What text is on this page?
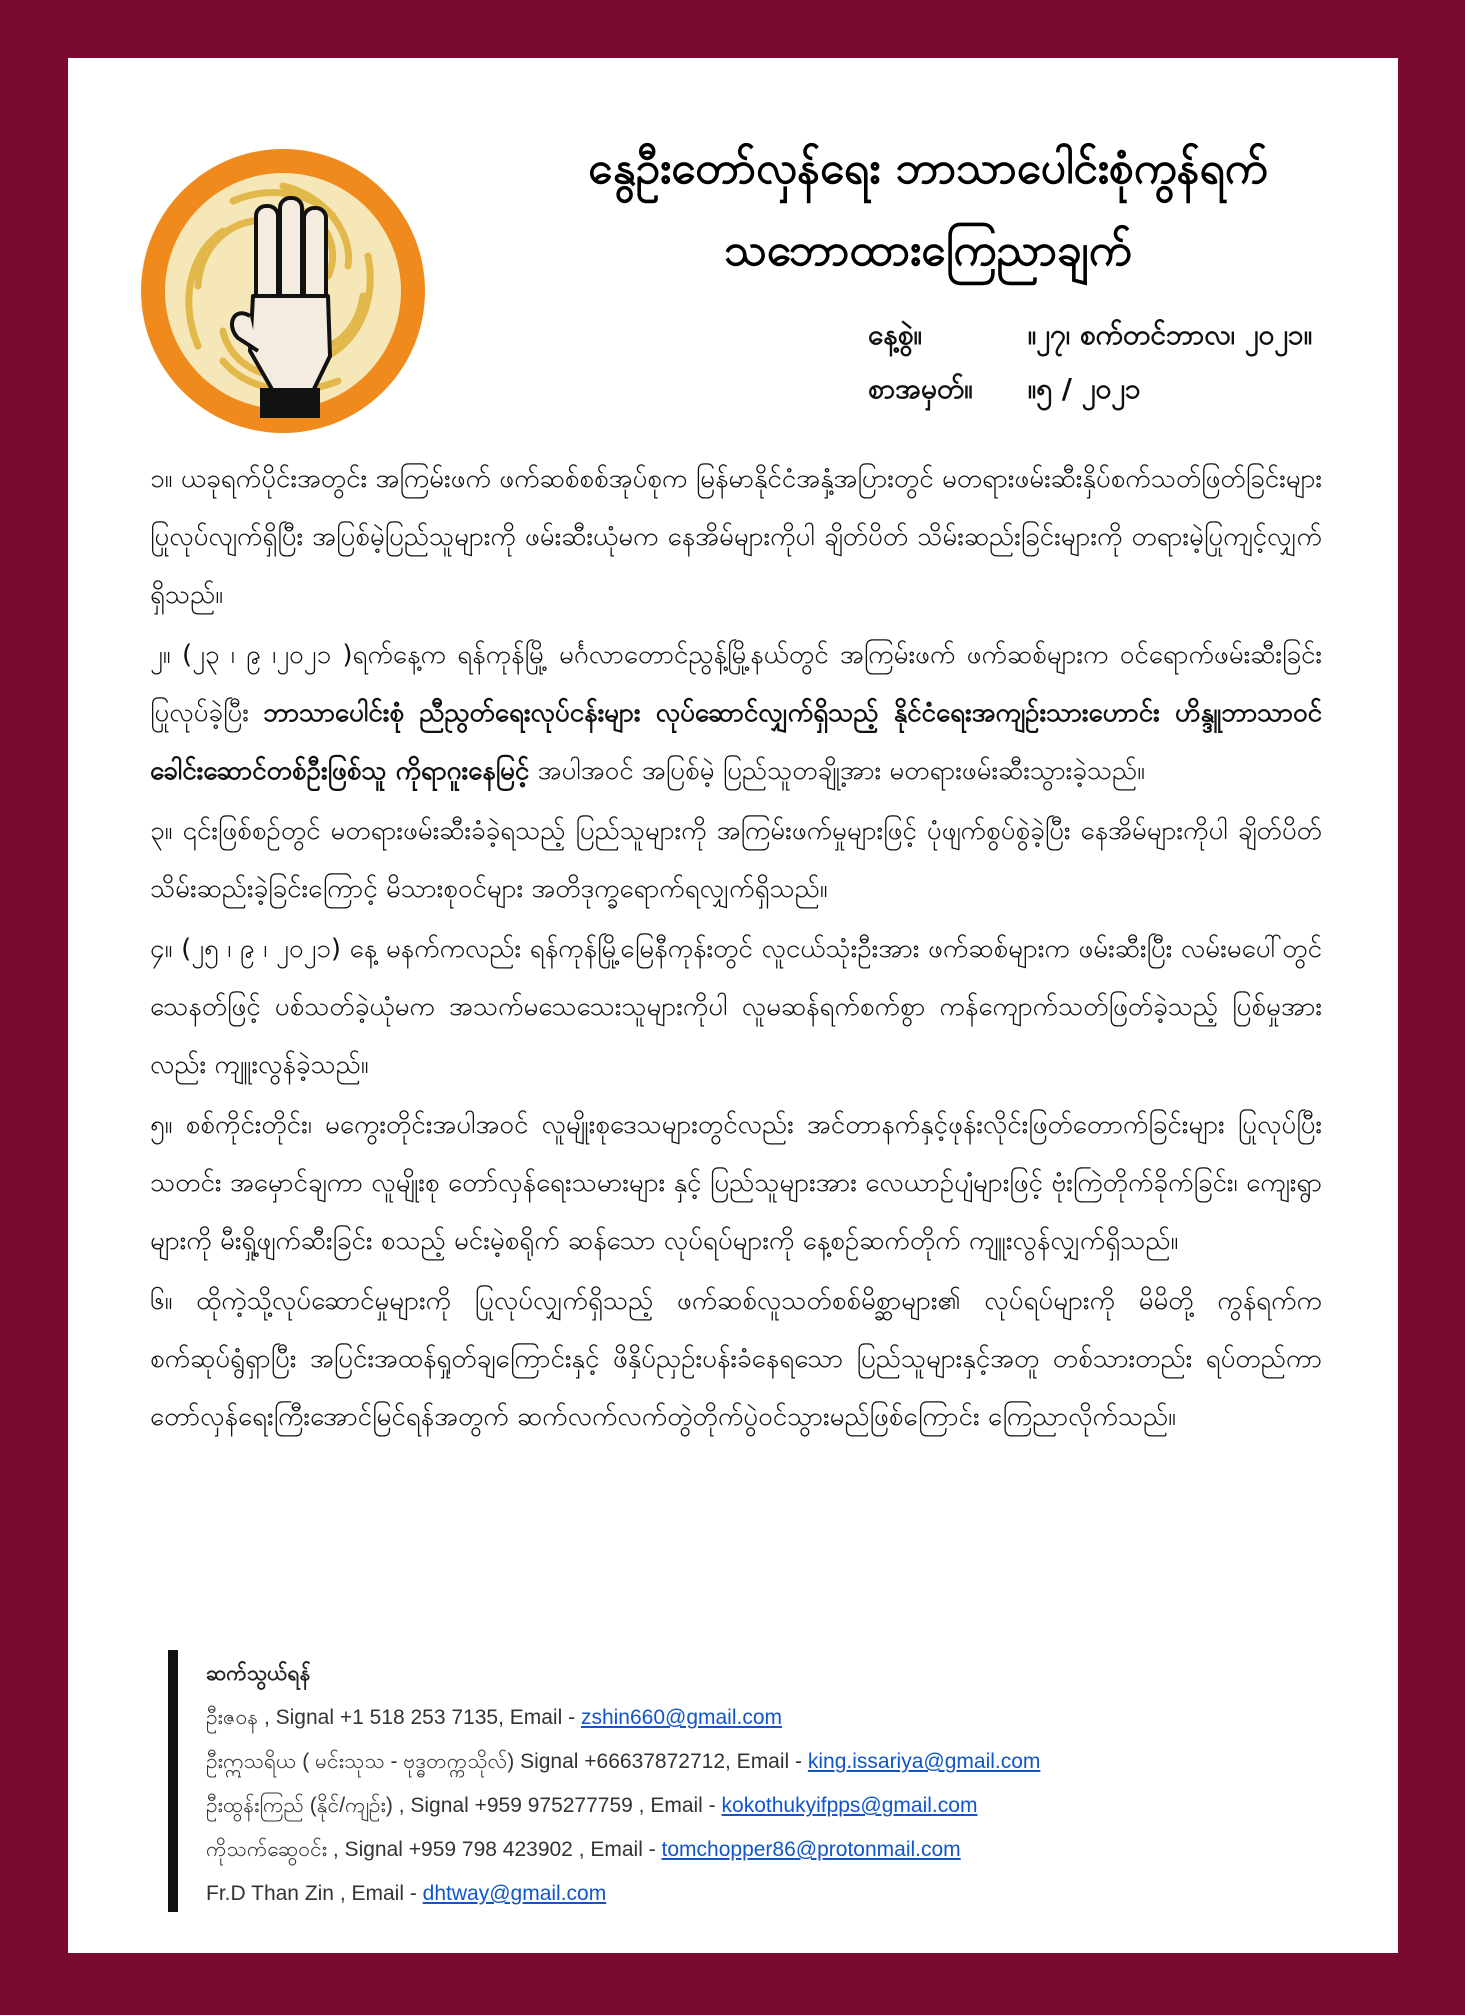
နွေဦးတော်လှန်ရေး ဘာသာပေါင်းစုံကွန်ရက်
သဘောထားကြေညာချက်
နေ့စွဲ။	။၂၇၊ စက်တင်ဘာလ၊ ၂၀၂၁။
စာအမှတ်။ ။၅ / ၂၀၂၁
၁။ ယခုရက်ပိုင်းအတွင်း အကြမ်းဖက် ဖက်ဆစ်စစ်အုပ်စုက မြန်မာနိုင်ငံအနှံ့အပြားတွင် မတရားဖမ်းဆီးနှိပ်စက်သတ်ဖြတ်ခြင်းများ ပြုလုပ်လျက်ရှိပြီး အပြစ်မဲ့ပြည်သူများကို ဖမ်းဆီးယုံမက နေအိမ်များကိုပါ ချိတ်ပိတ် သိမ်းဆည်းခြင်းများကို တရားမဲ့ပြုကျင့်လျှက်ရှိသည်။
၂။ (၂၃ ၊ ၉ ၊၂၀၂၁ )ရက်နေ့က ရန်ကုန်မြို့ မင်္ဂလာတောင်ညွန့်မြို့နယ်တွင် အကြမ်းဖက် ဖက်ဆစ်များက ဝင်ရောက်ဖမ်းဆီးခြင်းပြုလုပ်ခဲ့ပြီး ဘာသာပေါင်းစုံ ညီညွတ်ရေးလုပ်ငန်းများ လုပ်ဆောင်လျှက်ရှိသည့် နိုင်ငံရေးအကျဉ်းသားဟောင်း ဟိန္ဒူဘာသာဝင် ခေါင်းဆောင်တစ်ဦးဖြစ်သူ ကိုရာဂူးနေမြင့် အပါအဝင် အပြစ်မဲ့ ပြည်သူတချို့အား မတရားဖမ်းဆီးသွားခဲ့သည်။
၃။ ၎င်းဖြစ်စဉ်တွင် မတရားဖမ်းဆီးခံခဲ့ရသည့် ပြည်သူများကို အကြမ်းဖက်မှုများဖြင့် ပုံဖျက်စွပ်စွဲခဲ့ပြီး နေအိမ်များကိုပါ ချိတ်ပိတ်သိမ်းဆည်းခဲ့ခြင်းကြောင့် မိသားစုဝင်များ အတိဒုက္ခရောက်ရလျှက်ရှိသည်။
၄။ (၂၅ ၊ ၉ ၊ ၂၀၂၁) နေ့ မနက်ကလည်း ရန်ကုန်မြို့မြေနီကုန်းတွင် လူငယ်သုံးဦးအား ဖက်ဆစ်များက ဖမ်းဆီးပြီး လမ်းမပေါ်တွင် သေနတ်ဖြင့် ပစ်သတ်ခဲ့ယုံမက အသက်မသေသေးသူများကိုပါ လူမဆန်ရက်စက်စွာ ကန်ကျောက်သတ်ဖြတ်ခဲ့သည့် ပြစ်မှုအားလည်း ကျူးလွန်ခဲ့သည်။
၅။ စစ်ကိုင်းတိုင်း၊ မကွေးတိုင်းအပါအဝင် လူမျိုးစုဒေသများတွင်လည်း အင်တာနက်နှင့်ဖုန်းလိုင်းဖြတ်တောက်ခြင်းများ ပြုလုပ်ပြီး သတင်း အမှောင်ချကာ လူမျိုးစု တော်လှန်ရေးသမားများ နှင့် ပြည်သူများအား လေယာဉ်ပျံများဖြင့် ဗုံးကြဲတိုက်ခိုက်ခြင်း၊ ကျေးရွာများကို မီးရှို့ဖျက်ဆီးခြင်း စသည့် မင်းမဲ့စရိုက် ဆန်သော လုပ်ရပ်များကို နေ့စဉ်ဆက်တိုက် ကျူးလွန်လျှက်ရှိသည်။
၆။ ထိုကဲ့သို့လုပ်ဆောင်မှုများကို ပြုလုပ်လျှက်ရှိသည့် ဖက်ဆစ်လူသတ်စစ်မိစ္ဆာများ၏ လုပ်ရပ်များကို မိမိတို့ ကွန်ရက်က စက်ဆုပ်ရွံရှာပြီး အပြင်းအထန်ရှုတ်ချကြောင်းနှင့် ဖိနှိပ်ညှဉ်းပန်းခံနေရသော ပြည်သူများနှင့်အတူ တစ်သားတည်း ရပ်တည်ကာ တော်လှန်ရေးကြီးအောင်မြင်ရန်အတွက် ဆက်လက်လက်တွဲတိုက်ပွဲဝင်သွားမည်ဖြစ်ကြောင်း ကြေညာလိုက်သည်။
ဆက်သွယ်ရန်
ဦးဇဝန , Signal +1 518 253 7135, Email - zshin660@gmail.com
ဦးဣသရိယ ( မင်းသုသ - ဗုဒ္ဓတက္ကသိုလ်) Signal +66637872712, Email - king.issariya@gmail.com
ဦးထွန်းကြည် (နိုင်/ကျဉ်း) , Signal +959 975277759 , Email - kokothukyifpps@gmail.com
ကိုသက်ဆွေဝင်း , Signal +959 798 423902 , Email - tomchopper86@protonmail.com
Fr.D Than Zin , Email - dhtway@gmail.com
